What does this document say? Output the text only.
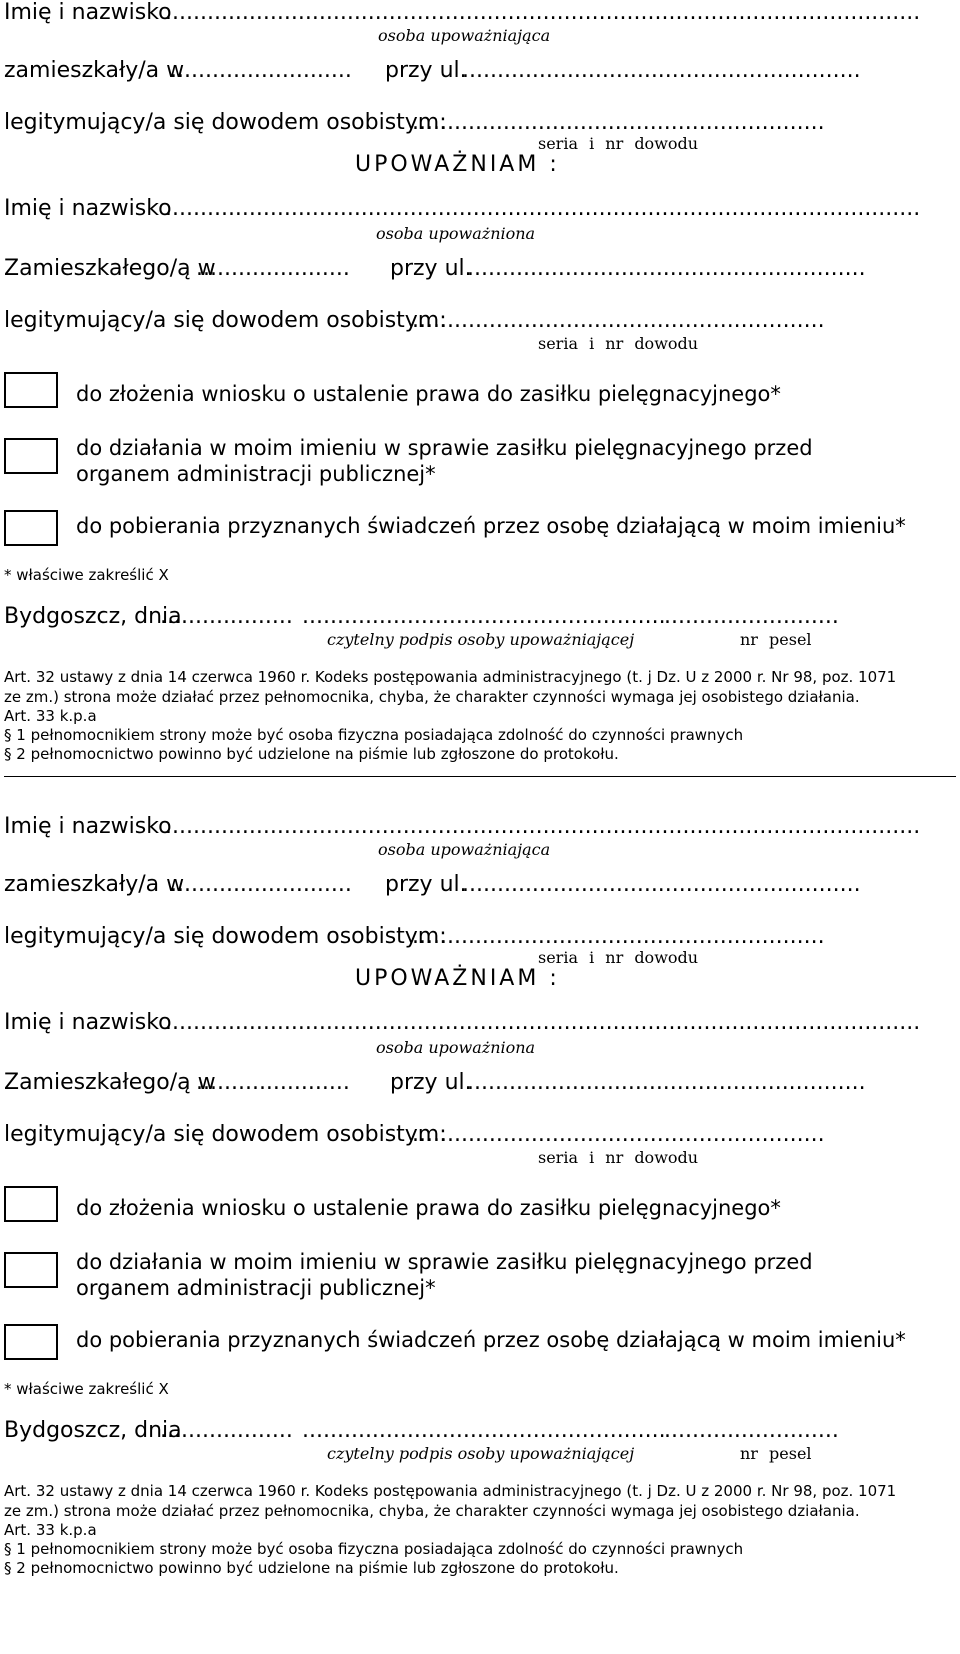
Imię i nazwisko
............................................................................................................
osoba upoważniająca
zamieszkały/a w
..........................	przy ul.
.........................................................
legitymujący/a się dowodem osobistym:
...........................................................
seria i nr dowodu
UPOWAŻNIAM :
Imię i nazwisko
............................................................................................................
osoba upoważniona
Zamieszkałego/ą w
......................	przy ul.
.........................................................
legitymujący/a się dowodem osobistym:
...........................................................
seria i nr dowodu
do złożenia wniosku o ustalenie prawa do zasiłku pielęgnacyjnego*
do działania w moim imieniu w sprawie zasiłku pielęgnacyjnego przed
organem administracji publicznej*
do pobierania przyznanych świadczeń przez osobę działającą w moim imieniu*
* właściwe zakreślić X
Bydgoszcz, dnia
................... ....................................................
.........................
czytelny podpis osoby upoważniającej	nr pesel
Art. 32 ustawy z dnia 14 czerwca 1960 r. Kodeks postępowania administracyjnego (t. j Dz. U z 2000 r. Nr 98, poz. 1071
ze zm.) strona może działać przez pełnomocnika, chyba, że charakter czynności wymaga jej osobistego działania.
Art. 33 k.p.a
§ 1 pełnomocnikiem strony może być osoba fizyczna posiadająca zdolność do czynności prawnych
§ 2 pełnomocnictwo powinno być udzielone na piśmie lub zgłoszone do protokołu.
Imię i nazwisko
............................................................................................................
osoba upoważniająca
zamieszkały/a w
..........................	przy ul.
.........................................................
legitymujący/a się dowodem osobistym:
...........................................................
seria i nr dowodu
UPOWAŻNIAM :
Imię i nazwisko
............................................................................................................
osoba upoważniona
Zamieszkałego/ą w
......................	przy ul.
.........................................................
legitymujący/a się dowodem osobistym:
...........................................................
seria i nr dowodu
do złożenia wniosku o ustalenie prawa do zasiłku pielęgnacyjnego*
do działania w moim imieniu w sprawie zasiłku pielęgnacyjnego przed
organem administracji publicznej*
do pobierania przyznanych świadczeń przez osobę działającą w moim imieniu*
* właściwe zakreślić X
Bydgoszcz, dnia
................... ....................................................
.........................
czytelny podpis osoby upoważniającej	nr pesel
Art. 32 ustawy z dnia 14 czerwca 1960 r. Kodeks postępowania administracyjnego (t. j Dz. U z 2000 r. Nr 98, poz. 1071
ze zm.) strona może działać przez pełnomocnika, chyba, że charakter czynności wymaga jej osobistego działania.
Art. 33 k.p.a
§ 1 pełnomocnikiem strony może być osoba fizyczna posiadająca zdolność do czynności prawnych
§ 2 pełnomocnictwo powinno być udzielone na piśmie lub zgłoszone do protokołu.
